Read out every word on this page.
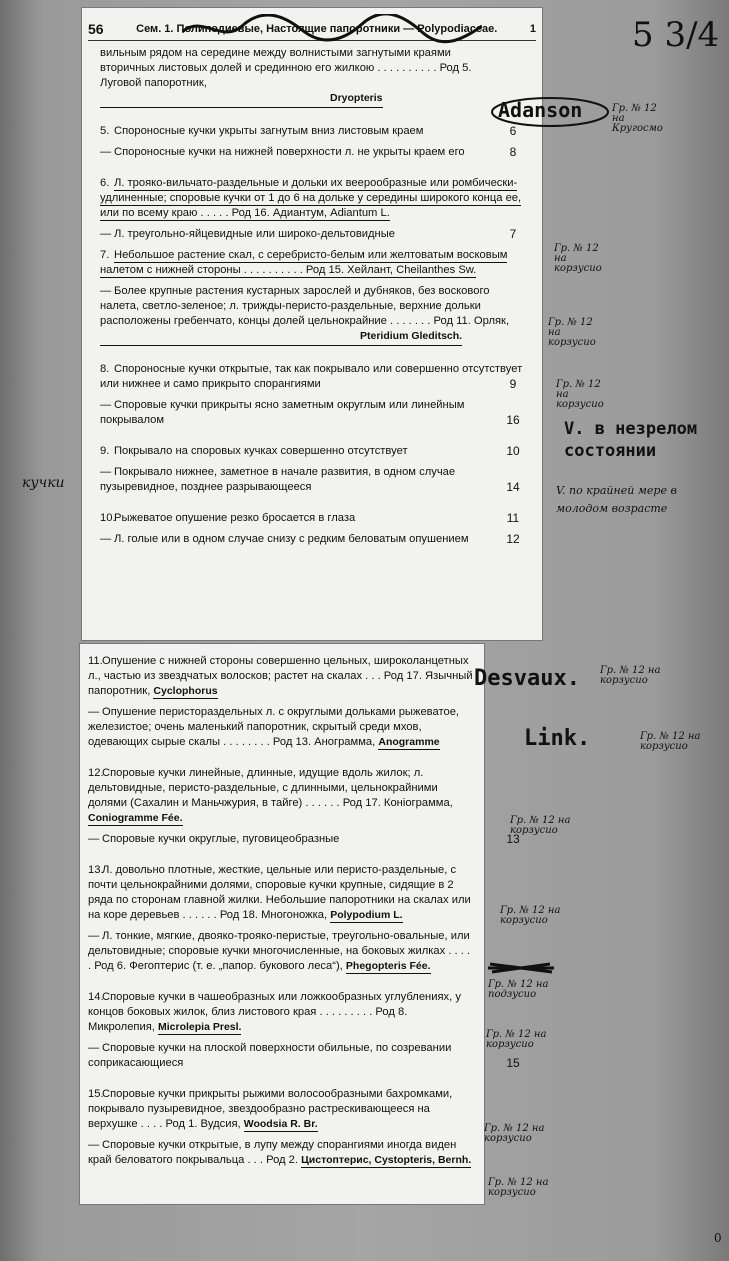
5 3/4
56	Сем. 1. Полиподиевые, Настоящие папоротники — Polypodiaceae.	1
вильным рядом на середине между волнистыми загнутыми краями вторичных листовых долей и срединною его жилкою . . . . . . . . . . Род 5. Луговой папоротник,
Dryopteris
5. Спороносные кучки укрыты загнутым вниз листовым краем	6
— Спороносные кучки на нижней поверхности л. не укрыты краем его	8
6. Л. трояко-вильчато-раздельные и дольки их веерообразные или ромбически-удлиненные; споровые кучки от 1 до 6 на дольке у середины широкого конца ее, или по всему краю . . . . . Род 16. Адиантум, Adiantum L.
— Л. треугольно-яйцевидные или широко-дельтовидные	7
7. Небольшое растение скал, с серебристо-белым или желтоватым восковым налетом с нижней стороны . . . . . . . . . . Род 15. Хейлант, Cheilanthes Sw.
— Более крупные растения кустарных зарослей и дубняков, без воскового налета, светло-зеленое; л. трижды-перисто-раздельные, верхние дольки расположены гребенчато, концы долей цельнокрайние . . . . . . . Род 11. Орляк,
Pteridium Gleditsch.
8. Спороносные кучки открытые, так как покрывало или совершенно отсутствует или нижнее и само прикрыто спорангиями	9
— Споровые кучки прикрыты ясно заметным округлым или линейным покрывалом	16
9. Покрывало на споровых кучках совершенно отсутствует	10
— Покрывало нижнее, заметное в начале развития, в одном случае пузыревидное, позднее разрывающееся	14
10.Рыжеватое опушение резко бросается в глаза	11
— Л. голые или в одном случае снизу с редким беловатым опушением	12
11.Опушение с нижней стороны совершенно цельных, широколанцетных л., частью из звездчатых волосков; растет на скалах . . . Род 17. Язычный папоротник, Cyclophorus
— Опушение перистораздельных л. с округлыми дольками рыжеватое, железистое; очень маленький папоротник, скрытый среди мхов, одевающих сырые скалы . . . . . . . . Род 13. Анограмма, Anogramme
12.Споровые кучки линейные, длинные, идущие вдоль жилок; л. дельтовидные, перисто-раздельные, с длинными, цельнокрайними долями (Сахалин и Маньчжурия, в тайге) . . . . . . Род 17. Конiограмма, Coniogramme Fée.
— Споровые кучки округлые, пуговицеобразные	13
13.Л. довольно плотные, жесткие, цельные или перисто-раздельные, с почти цельнокрайними долями, споровые кучки крупные, сидящие в 2 ряда по сторонам главной жилки. Небольшие папоротники на скалах или на коре деревьев . . . . . . Род 18. Многоножка, Polypodium L.
— Л. тонкие, мягкие, двояко-трояко-перистые, треугольно-овальные, или дельтовидные; споровые кучки многочисленные, на боковых жилках . . . . . Род 6. Фегоптерис (т. е. „папор. букового леса“), Phegopteris Fée.
14.Споровые кучки в чашеобразных или ложкообразных углублениях, у концов боковых жилок, близ листового края . . . . . . . . . Род 8. Микролепия, Microlepia Presl.
— Споровые кучки на плоской поверхности обильные, по созревании соприкасающиеся	15
15.Споровые кучки прикрыты рыжими волосообразными бахромками, покрывало пузыревидное, звездообразно растрескивающееся на верхушке . . . . Род 1. Вудсия, Woodsia R. Br.
— Споровые кучки открытые, в лупу между спорангиями иногда виден край беловатого покрывальца . . . Род 2. Цистоптерис, Cystopteris, Bernh.
Adanson	Гр. № 12 на Кругосмо
кучки
Гр. № 12 на корзусио
Гр. № 12 на корзусио
Гр. № 12 на корзусио
V. в незрелом состоянии
V. по крайней мере в молодом возрасте
Desvaux. Гр. № 12 на корзусио
Link.	Гр. № 12 на корзусио
Гр. № 12 на корзусио
Гр. № 12 на корзусио
Гр. № 12 на подзусио
Гр. № 12 на корзусио
Гр. № 12 на корзусио
Гр. № 12 на корзусио
0
